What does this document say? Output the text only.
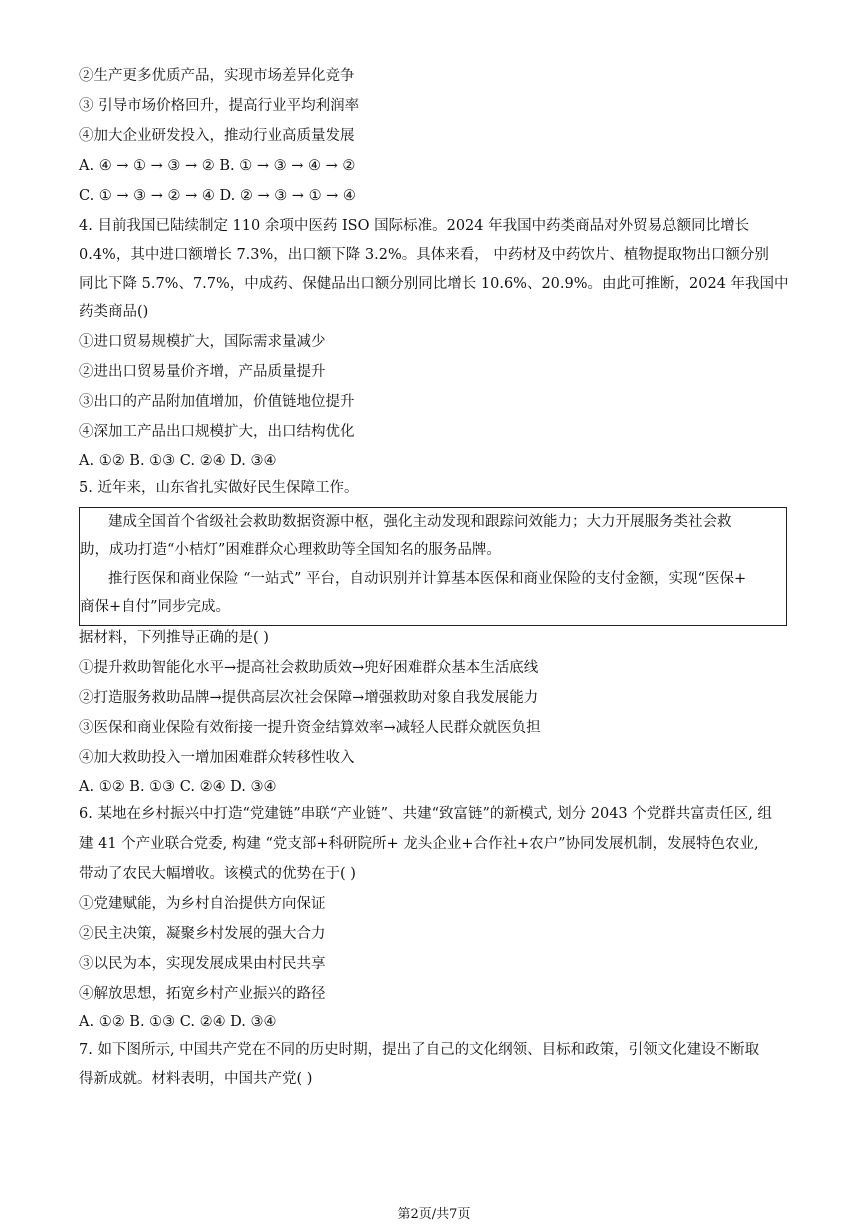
②生产更多优质产品，实现市场差异化竞争
③ 引导市场价格回升，提高行业平均利润率
④加大企业研发投入，推动行业高质量发展
A. ④ → ① → ③ → ② B. ① → ③ → ④ → ②
C. ① → ③ → ② → ④ D. ② → ③ → ① → ④
4. 目前我国已陆续制定 110 余项中医药 ISO 国际标准。2024 年我国中药类商品对外贸易总额同比增长
0.4%，其中进口额增长 7.3%，出口额下降 3.2%。具体来看， 中药材及中药饮片、植物提取物出口额分别
同比下降 5.7%、7.7%，中成药、保健品出口额分别同比增长 10.6%、20.9%。由此可推断，2024 年我国中
药类商品()
①进口贸易规模扩大，国际需求量减少
②进出口贸易量价齐增，产品质量提升
③出口的产品附加值增加，价值链地位提升
④深加工产品出口规模扩大，出口结构优化
A. ①② B. ①③ C. ②④ D. ③④
5. 近年来，山东省扎实做好民生保障工作。
建成全国首个省级社会救助数据资源中枢，强化主动发现和跟踪问效能力；大力开展服务类社会救
助，成功打造“小桔灯”困难群众心理救助等全国知名的服务品牌。
推行医保和商业保险 “一站式” 平台，自动识别并计算基本医保和商业保险的支付金额，实现“医保+
商保+自付”同步完成。
据材料，下列推导正确的是( )
①提升救助智能化水平→提高社会救助质效→兜好困难群众基本生活底线
②打造服务救助品牌→提供高层次社会保障→增强救助对象自我发展能力
③医保和商业保险有效衔接一提升资金结算效率→减轻人民群众就医负担
④加大救助投入一增加困难群众转移性收入
A. ①② B. ①③ C. ②④ D. ③④
6. 某地在乡村振兴中打造“党建链”串联“产业链”、共建“致富链”的新模式, 划分 2043 个党群共富责任区, 组
建 41 个产业联合党委, 构建 “党支部+科研院所+ 龙头企业+合作社+农户”协同发展机制，发展特色农业,
带动了农民大幅增收。该模式的优势在于( )
①党建赋能，为乡村自治提供方向保证
②民主决策，凝聚乡村发展的强大合力
③以民为本，实现发展成果由村民共享
④解放思想，拓宽乡村产业振兴的路径
A. ①② B. ①③ C. ②④ D. ③④
7. 如下图所示, 中国共产党在不同的历史时期，提出了自己的文化纲领、目标和政策，引领文化建设不断取
得新成就。材料表明，中国共产党( )
第2页/共7页
